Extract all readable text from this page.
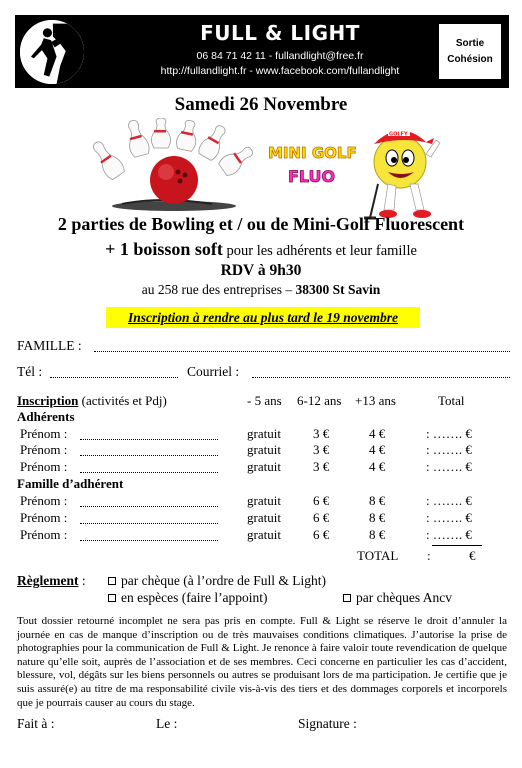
FULL & LIGHT
06 84 71 42 11 - fullandlight@free.fr
http://fullandlight.fr - www.facebook.com/fullandlight
Sortie
Cohésion
Samedi 26 Novembre
MINI GOLF
FLUO
GOLFY
2 parties de Bowling et / ou de Mini-Golf Fluorescent
+ 1 boisson soft pour les adhérents et leur famille
RDV à 9h30
au 258 rue des entreprises – 38300 St Savin
Inscription à rendre au plus tard le 19 novembre
FAMILLE :
Tél :	Courriel :
Inscription (activités et Pdj)	- 5 ans 6-12 ans +13 ans	Total
Adhérents
Prénom :	gratuit 3 €	4 €	: ……. €
Prénom :	gratuit 3 €	4 €	: ……. €
Prénom :	gratuit 3 €	4 €	: ……. €
Famille d’adhérent
Prénom :	gratuit 6 €	8 €	: ……. €
Prénom :	gratuit 6 €	8 €	: ……. €
Prénom :	gratuit 6 €	8 €	: ……. €
TOTAL :	€
Règlement :	par chèque (à l’ordre de Full & Light)
en espèces (faire l’appoint)	par chèques Ancv
Tout dossier retourné incomplet ne sera pas pris en compte. Full & Light se réserve le droit d’annuler la journée en cas de manque d’inscription ou de très mauvaises conditions climatiques. J’autorise la prise de photographies pour la communication de Full & Light. Je renonce à faire valoir toute revendication de quelque nature qu’elle soit, auprès de l’association et de ses membres. Ceci concerne en particulier les cas d’accident, blessure, vol, dégâts sur les biens personnels ou autres se produisant lors de ma participation. Je certifie que je suis assuré(e) au titre de ma responsabilité civile vis-à-vis des tiers et des dommages corporels et incorporels que je pourrais causer au cours du stage.
Fait à :	Le :	Signature :
